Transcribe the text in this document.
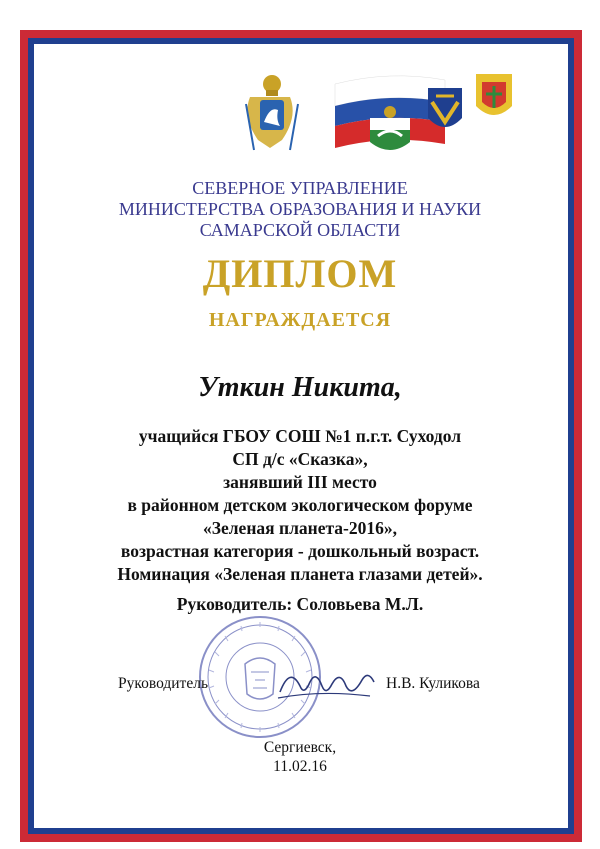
СЕВЕРНОЕ УПРАВЛЕНИЕ
МИНИСТЕРСТВА ОБРАЗОВАНИЯ И НАУКИ
САМАРСКОЙ ОБЛАСТИ
ДИПЛОМ
НАГРАЖДАЕТСЯ
Уткин Никита,
учащийся ГБОУ СОШ №1 п.г.т. Суходол
СП д/с «Сказка»,
занявший III место
в районном детском экологическом форуме
«Зеленая планета-2016»,
возрастная категория - дошкольный возраст.
Номинация «Зеленая планета глазами детей».
Руководитель: Соловьева М.Л.
Руководитель	Н.В. Куликова
Сергиевск,
11.02.16
